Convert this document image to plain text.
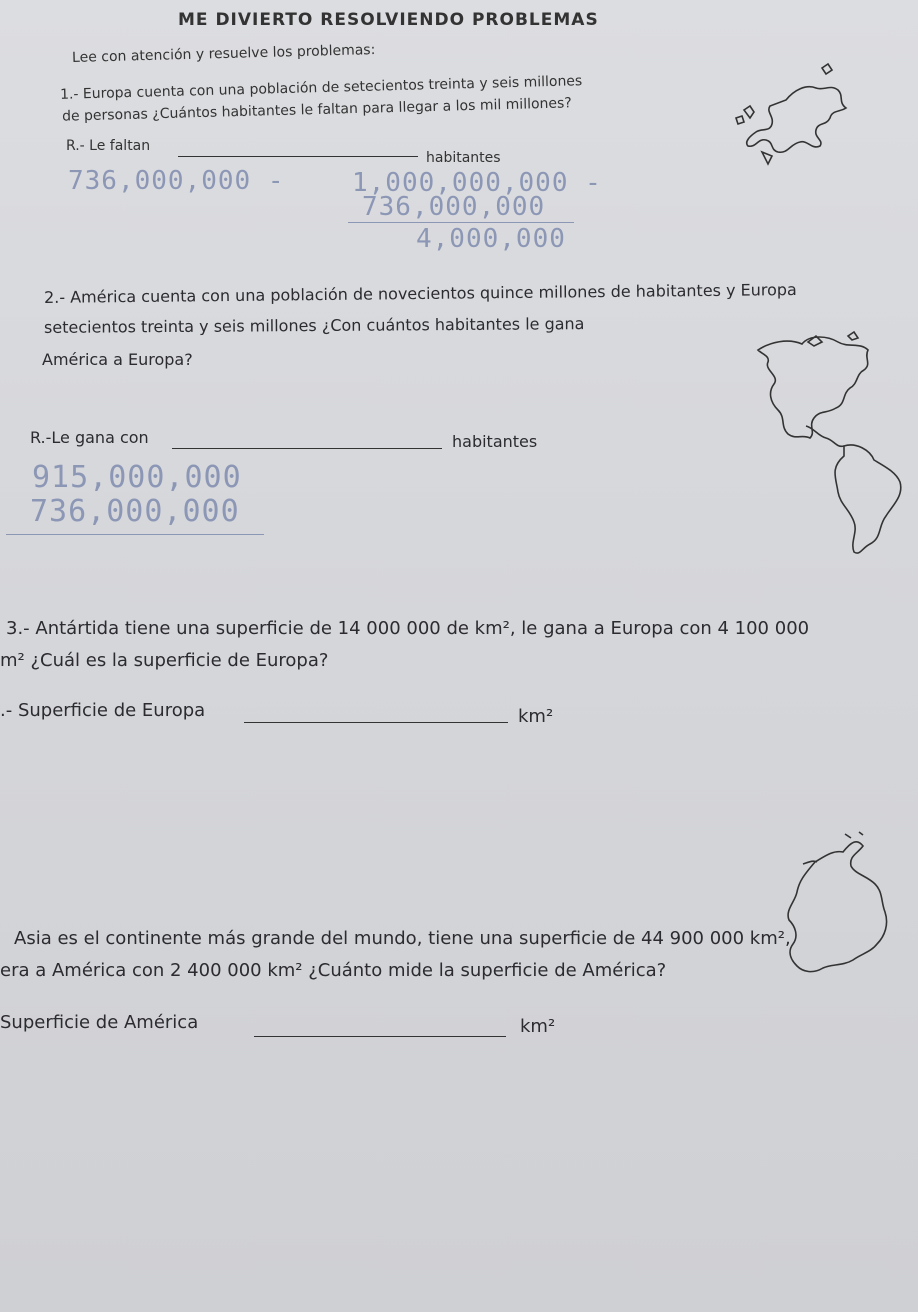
ME DIVIERTO RESOLVIENDO PROBLEMAS
Lee con atención y resuelve los problemas:
1.- Europa cuenta con una población de setecientos treinta y seis millones
de personas ¿Cuántos habitantes le faltan para llegar a los mil millones?
R.- Le faltan
habitantes
736,000,000 -	1,000,000,000 -
736,000,000
4,000,000
2.- América cuenta con una población de novecientos quince millones de habitantes y Europa
setecientos treinta y seis millones ¿Con cuántos habitantes le gana
América a Europa?
R.-Le gana con	habitantes
915,000,000
736,000,000
3.- Antártida tiene una superficie de 14 000 000 de km², le gana a Europa con 4 100 000
m² ¿Cuál es la superficie de Europa?
.- Superficie de Europa	km²
Asia es el continente más grande del mundo, tiene una superficie de 44 900 000 km²,
era a América con 2 400 000 km² ¿Cuánto mide la superficie de América?
Superficie de América	km²
